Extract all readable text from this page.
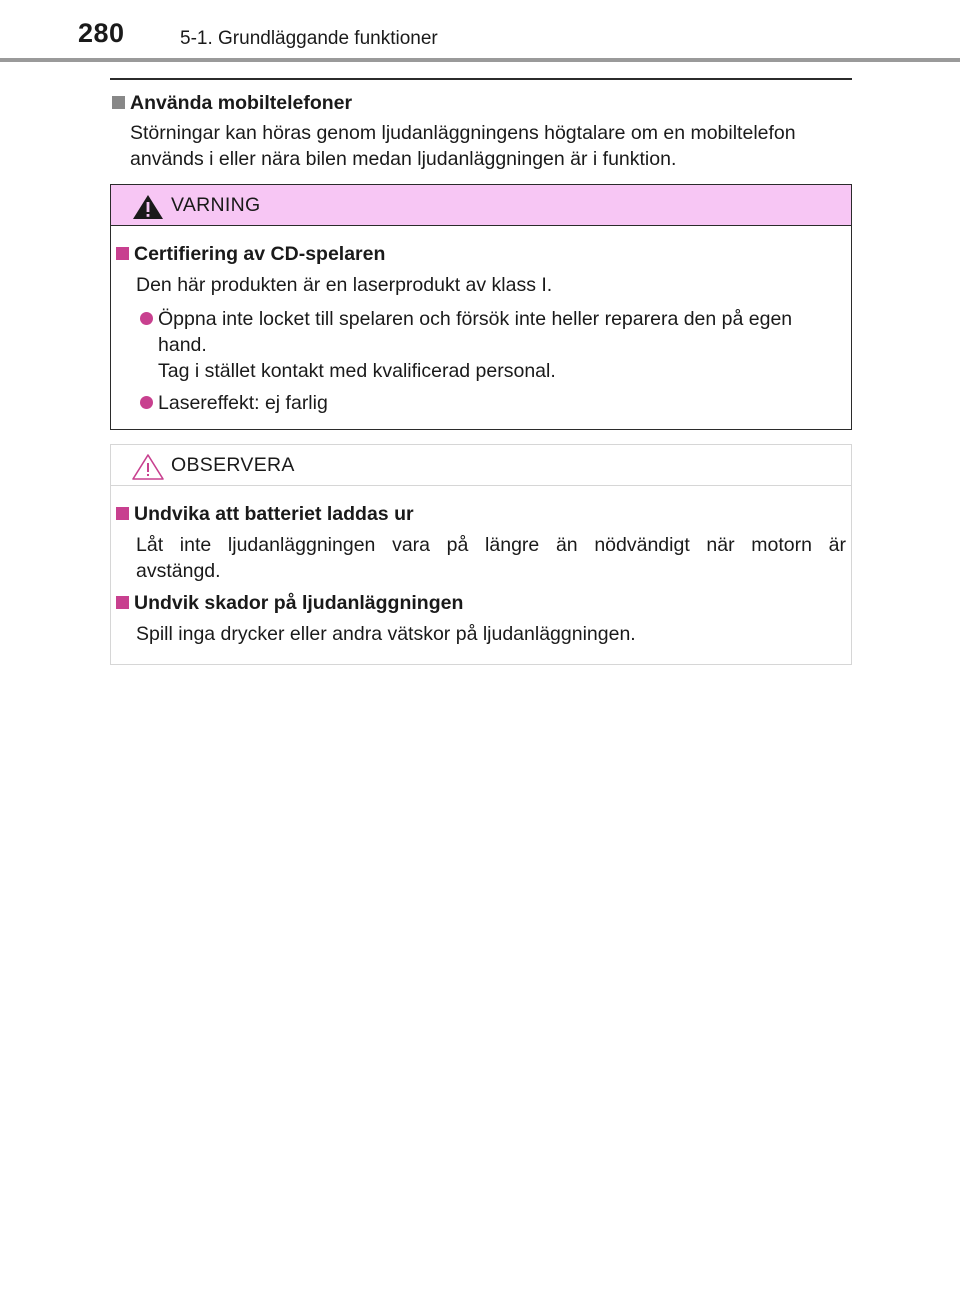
280	5-1. Grundläggande funktioner
Använda mobiltelefoner
Störningar kan höras genom ljudanläggningens högtalare om en mobiltelefon
används i eller nära bilen medan ljudanläggningen är i funktion.
VARNING
Certifiering av CD-spelaren
Den här produkten är en laserprodukt av klass I.
Öppna inte locket till spelaren och försök inte heller reparera den på egen
hand.
Tag i stället kontakt med kvalificerad personal.
Lasereffekt: ej farlig
OBSERVERA
Undvika att batteriet laddas ur
Låt inte ljudanläggningen vara på längre än nödvändigt när motorn är
avstängd.
Undvik skador på ljudanläggningen
Spill inga drycker eller andra vätskor på ljudanläggningen.
